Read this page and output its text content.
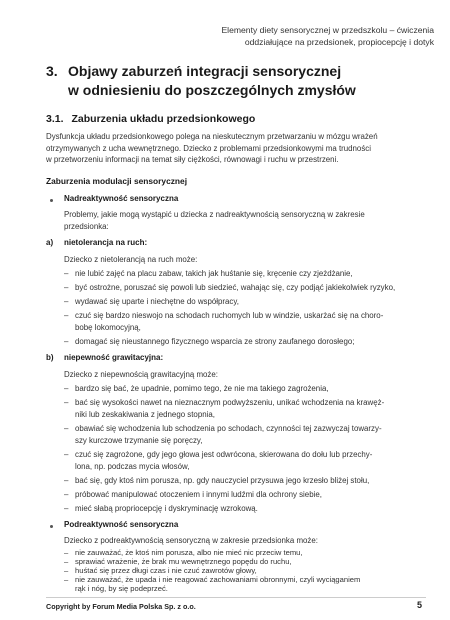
Elementy diety sensorycznej w przedszkolu – ćwiczenia
oddziałujące na przedsionek, propiocepcję i dotyk
3. Objawy zaburzeń integracji sensorycznej
w odniesieniu do poszczególnych zmysłów
3.1. Zaburzenia układu przedsionkowego
Dysfunkcja układu przedsionkowego polega na nieskutecznym przetwarzaniu w mózgu wrażeń
otrzymywanych z ucha wewnętrznego. Dziecko z problemami przedsionkowymi ma trudności
w przetworzeniu informacji na temat siły ciężkości, równowagi i ruchu w przestrzeni.
Zaburzenia modulacji sensorycznej
Nadreaktywność sensoryczna
Problemy, jakie mogą wystąpić u dziecka z nadreaktywnością sensoryczną w zakresie
przedsionka:
a) nietolerancja na ruch:
Dziecko z nietolerancją na ruch może:
– nie lubić zajęć na placu zabaw, takich jak huśtanie się, kręcenie czy zjeżdżanie,
– być ostrożne, poruszać się powoli lub siedzieć, wahając się, czy podjąć jakiekolwiek ryzyko,
– wydawać się uparte i niechętne do współpracy,
– czuć się bardzo nieswojo na schodach ruchomych lub w windzie, uskarżać się na choro-
bobę lokomocyjną,
– domagać się nieustannego fizycznego wsparcia ze strony zaufanego dorosłego;
b) niepewność grawitacyjna:
Dziecko z niepewnością grawitacyjną może:
– bardzo się bać, że upadnie, pomimo tego, że nie ma takiego zagrożenia,
– bać się wysokości nawet na nieznacznym podwyższeniu, unikać wchodzenia na krawęż-
niki lub zeskakiwania z jednego stopnia,
– obawiać się wchodzenia lub schodzenia po schodach, czynności tej zazwyczaj towarzy-
szy kurczowe trzymanie się poręczy,
– czuć się zagrożone, gdy jego głowa jest odwrócona, skierowana do dołu lub przechy-
lona, np. podczas mycia włosów,
– bać się, gdy ktoś nim porusza, np. gdy nauczyciel przysuwa jego krzesło bliżej stołu,
– próbować manipulować otoczeniem i innymi ludźmi dla ochrony siebie,
– mieć słabą propriocepcję i dyskryminację wzrokową.
Podreaktywność sensoryczna
Dziecko z podreaktywnością sensoryczną w zakresie przedsionka może:
– nie zauważać, że ktoś nim porusza, albo nie mieć nic przeciw temu,
– sprawiać wrażenie, że brak mu wewnętrznego popędu do ruchu,
– huśtać się przez długi czas i nie czuć zawrotów głowy,
– nie zauważać, że upada i nie reagować zachowaniami obronnymi, czyli wyciąganiem
rąk i nóg, by się podeprzeć.
Copyright by Forum Media Polska Sp. z o.o.	5
